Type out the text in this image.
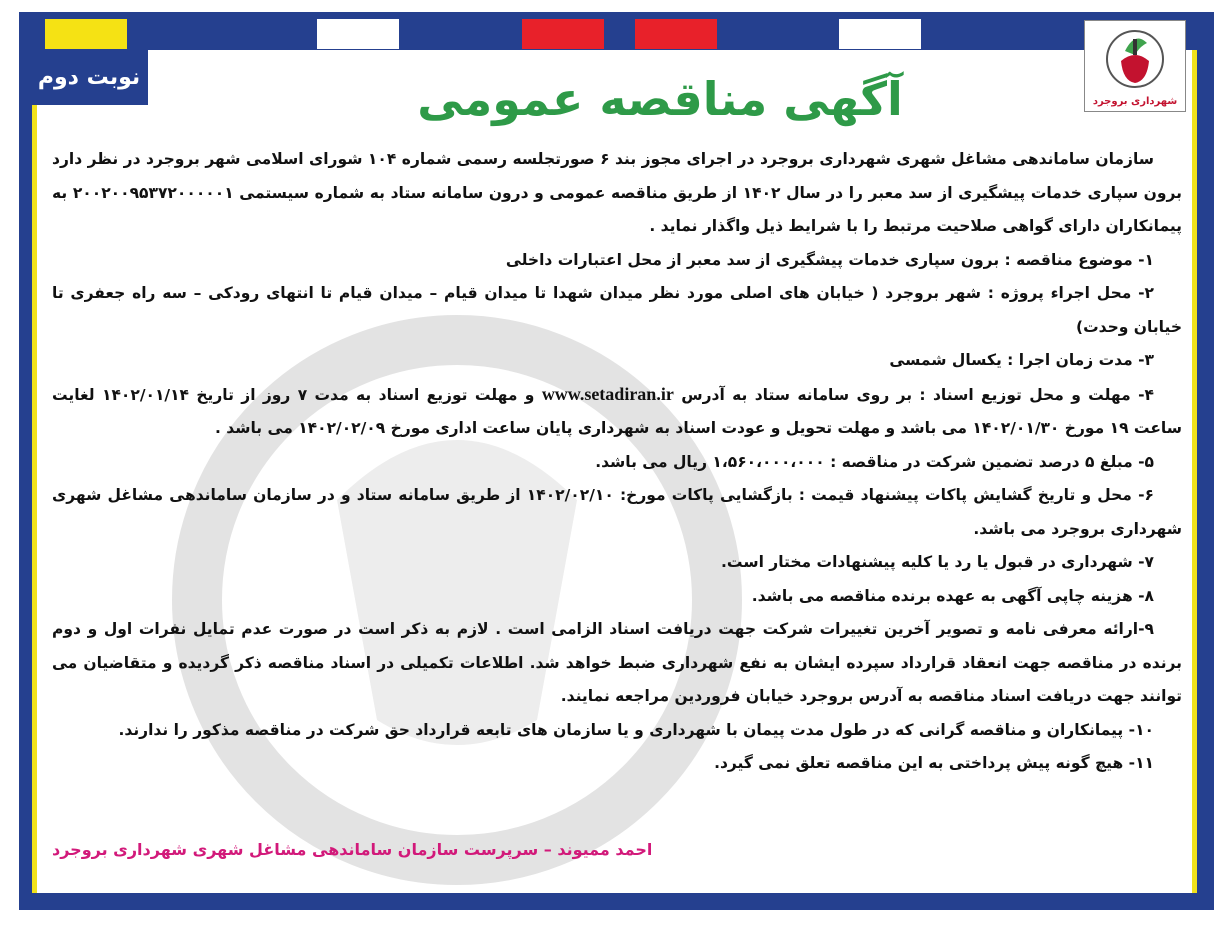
نوبت دوم
شهرداری بروجرد
آگهی مناقصه عمومی

سازمان ساماندهی مشاغل شهری شهرداری بروجرد در اجرای مجوز بند ۶ صورتجلسه رسمی شماره ۱۰۴ شورای اسلامی شهر بروجرد در نظر دارد برون سپاری خدمات پیشگیری از سد معبر را در سال ۱۴۰۲ از طریق مناقصه عمومی و درون سامانه ستاد به شماره سیستمی ۲۰۰۲۰۰۹۵۳۷۲۰۰۰۰۰۱ به پیمانکاران دارای گواهی صلاحیت مرتبط را با شرایط ذیل واگذار نماید .

۱- موضوع مناقصه : برون سپاری خدمات پیشگیری از سد معبر از محل اعتبارات داخلی

۲- محل اجراء پروژه : شهر بروجرد ( خیابان های اصلی مورد نظر میدان شهدا تا میدان قیام – میدان قیام تا انتهای رودکی – سه راه جعفری تا خیابان وحدت)

۳- مدت زمان اجرا : یکسال شمسی

۴- مهلت و محل توزیع اسناد : بر روی سامانه ستاد به آدرس www.setadiran.ir و مهلت توزیع اسناد به مدت ۷ روز از تاریخ ۱۴۰۲/۰۱/۱۴ لغایت ساعت ۱۹ مورخ ۱۴۰۲/۰۱/۳۰ می باشد و مهلت تحویل و عودت اسناد به شهرداری پایان ساعت اداری مورخ ۱۴۰۲/۰۲/۰۹ می باشد .

۵- مبلغ ۵ درصد تضمین شرکت در مناقصه : ۱،۵۶۰،۰۰۰،۰۰۰ ریال می باشد.

۶- محل و تاریخ گشایش پاکات پیشنهاد قیمت : بازگشایی پاکات مورخ: ۱۴۰۲/۰۲/۱۰ از طریق سامانه ستاد و در سازمان ساماندهی مشاغل شهری شهرداری بروجرد می باشد.

۷- شهرداری در قبول یا رد یا کلیه پیشنهادات مختار است.

۸- هزینه چاپی آگهی به عهده برنده مناقصه می باشد.

۹-ارائه معرفی نامه و تصویر آخرین تغییرات شرکت جهت دریافت اسناد الزامی است . لازم به ذکر است در صورت عدم تمایل نفرات اول و دوم برنده در مناقصه جهت انعقاد قرارداد سپرده ایشان به نفع شهرداری ضبط خواهد شد. اطلاعات تکمیلی در اسناد مناقصه ذکر گردیده و متقاضیان می توانند جهت دریافت اسناد مناقصه به آدرس بروجرد خیابان فروردین مراجعه نمایند.

۱۰- پیمانکاران و مناقصه گرانی که در طول مدت پیمان با شهرداری و یا سازمان های تابعه قرارداد حق شرکت در مناقصه مذکور را ندارند.

۱۱- هیچ گونه پیش پرداختی به این مناقصه تعلق نمی گیرد.

احمد ممیوند – سرپرست سازمان ساماندهی مشاغل شهری شهرداری بروجرد
